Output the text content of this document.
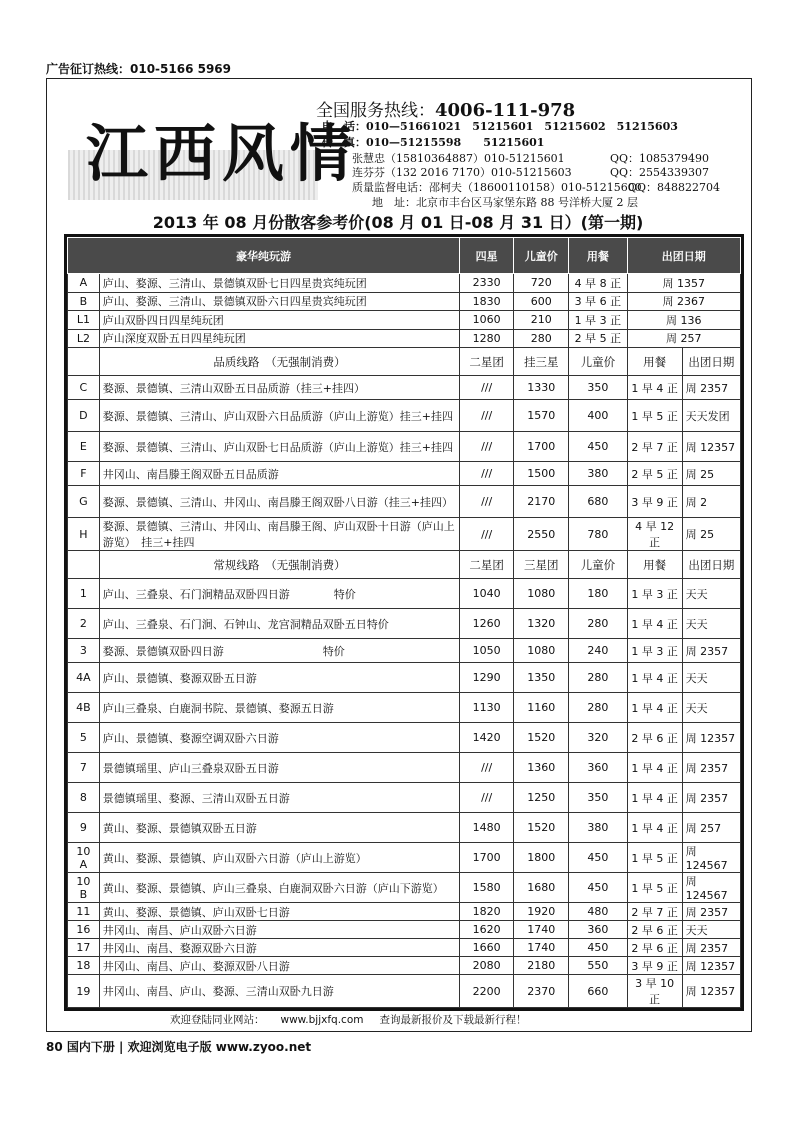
广告征订热线：010-5166 5969
江西风情
全国服务热线：4006-111-978
电　话：010—51661021　51215601　51215602　51215603
传　真：010—51215598　　51215601
张慧忠（15810364887）010-51215601	QQ：1085379490
连芬芬（132 2016 7170）010-51215603	QQ：2554339307
质量监督电话：邵柯夫（18600110158）010-51215600
QQ：848822704
地　址：北京市丰台区马家堡东路 88 号洋桥大厦 2 层
2013 年 08 月份散客参考价(08 月 01 日-08 月 31 日）(第一期)
豪华纯玩游		四星	儿童价	用餐	出团日期	
A	庐山、婺源、三清山、景德镇双卧七日四星贵宾纯玩团	2330	720	4 早 8 正	周 1357	
B	庐山、婺源、三清山、景德镇双卧六日四星贵宾纯玩团	1830	600	3 早 6 正	周 2367	
L1	庐山双卧四日四星纯玩团	1060	210	1 早 3 正	周 136	
L2	庐山深度双卧五日四星纯玩团	1280	280	2 早 5 正	周 257	
	品质线路　（无强制消费）	二星团	挂三星	儿童价	用餐	出团日期
C	婺源、景德镇、三清山双卧五日品质游（挂三+挂四）	///	1330	350	1 早 4 正	周 2357
D	婺源、景德镇、三清山、庐山双卧六日品质游（庐山上游览）挂三+挂四	///	1570	400	1 早 5 正	天天发团
E	婺源、景德镇、三清山、庐山双卧七日品质游（庐山上游览）挂三+挂四	///	1700	450	2 早 7 正	周 12357
F	井冈山、南昌滕王阁双卧五日品质游	///	1500	380	2 早 5 正	周 25
G	婺源、景德镇、三清山、井冈山、南昌滕王阁双卧八日游（挂三+挂四）	///	2170	680	3 早 9 正	周 2
H	婺源、景德镇、三清山、井冈山、南昌滕王阁、庐山双卧十日游（庐山上游览）　挂三+挂四	///	2550	780	4 早 12 正	周 25
	常规线路　（无强制消费）	二星团	三星团	儿童价	用餐	出团日期
1	庐山、三叠泉、石门涧精品双卧四日游　　　　特价	1040	1080	180	1 早 3 正	天天
2	庐山、三叠泉、石门涧、石钟山、龙宫洞精品双卧五日特价	1260	1320	280	1 早 4 正	天天
3	婺源、景德镇双卧四日游　　　　　　　　　特价	1050	1080	240	1 早 3 正	周 2357
4A	庐山、景德镇、婺源双卧五日游	1290	1350	280	1 早 4 正	天天
4B	庐山三叠泉、白鹿洞书院、景德镇、婺源五日游	1130	1160	280	1 早 4 正	天天
5	庐山、景德镇、婺源空调双卧六日游	1420	1520	320	2 早 6 正	周 12357
7	景德镇瑶里、庐山三叠泉双卧五日游	///	1360	360	1 早 4 正	周 2357
8	景德镇瑶里、婺源、三清山双卧五日游	///	1250	350	1 早 4 正	周 2357
9	黄山、婺源、景德镇双卧五日游	1480	1520	380	1 早 4 正	周 257
10 A	黄山、婺源、景德镇、庐山双卧六日游（庐山上游览）	1700	1800	450	1 早 5 正	周 124567
10 B	黄山、婺源、景德镇、庐山三叠泉、白鹿洞双卧六日游（庐山下游览）	1580	1680	450	1 早 5 正	周 124567
11	黄山、婺源、景德镇、庐山双卧七日游	1820	1920	480	2 早 7 正	周 2357
16	井冈山、南昌、庐山双卧六日游	1620	1740	360	2 早 6 正	天天
17	井冈山、南昌、婺源双卧六日游	1660	1740	450	2 早 6 正	周 2357
18	井冈山、南昌、庐山、婺源双卧八日游	2080	2180	550	3 早 9 正	周 12357
19	井冈山、南昌、庐山、婺源、三清山双卧九日游	2200	2370	660	3 早 10 正	周 12357
欢迎登陆同业网站： www.bjjxfq.com 查询最新报价及下载最新行程！
80 国内下册 | 欢迎浏览电子版 www.zyoo.net
